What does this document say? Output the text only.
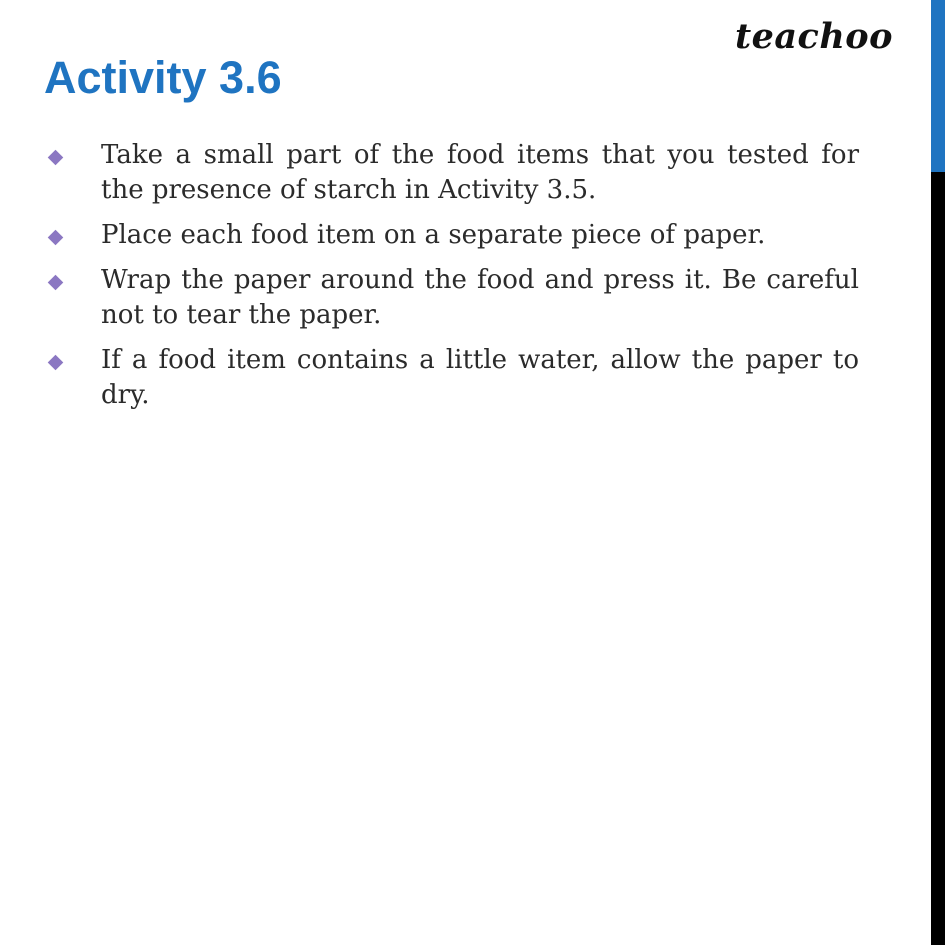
teachoo
Activity 3.6
Take a small part of the food items that you tested for the presence of starch in Activity 3.5.
Place each food item on a separate piece of paper.
Wrap the paper around the food and press it. Be careful not to tear the paper.
If a food item contains a little water, allow the paper to dry.
